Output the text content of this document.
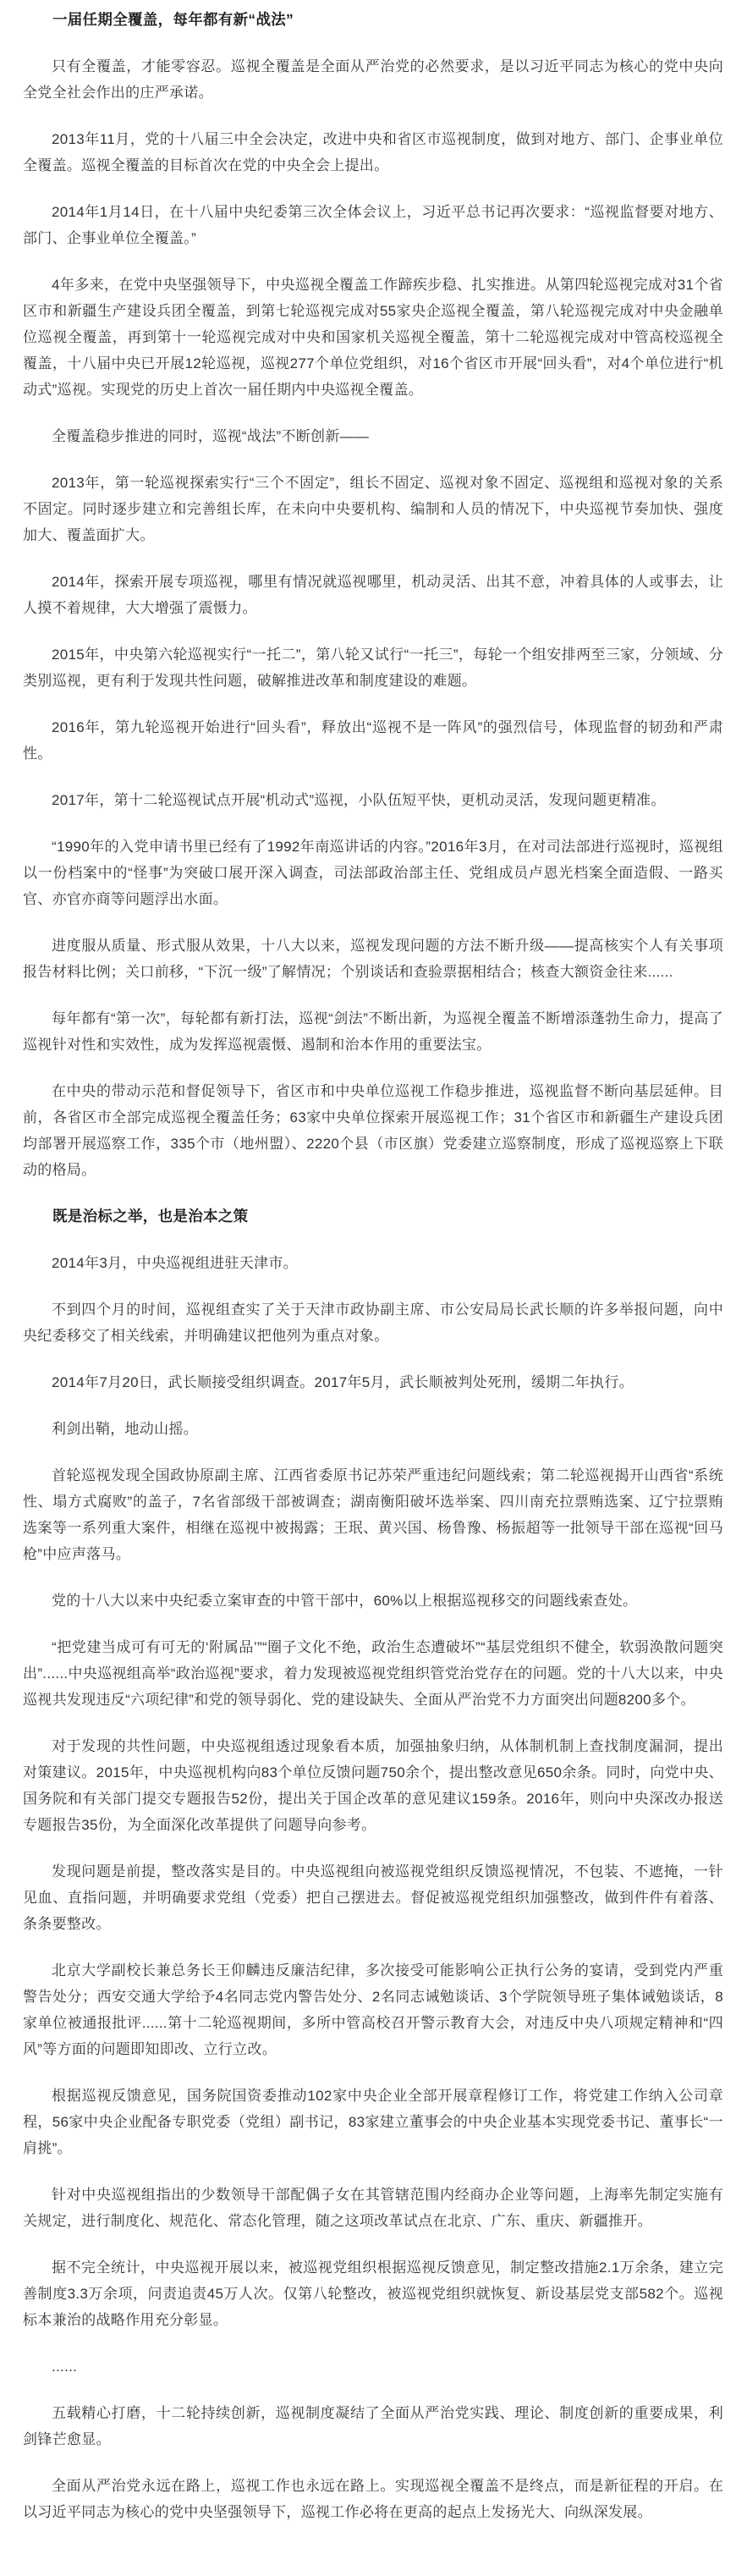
一届任期全覆盖，每年都有新“战法”

只有全覆盖，才能零容忍。巡视全覆盖是全面从严治党的必然要求，是以习近平同志为核心的党中央向全党全社会作出的庄严承诺。

2013年11月，党的十八届三中全会决定，改进中央和省区市巡视制度，做到对地方、部门、企事业单位全覆盖。巡视全覆盖的目标首次在党的中央全会上提出。

2014年1月14日，在十八届中央纪委第三次全体会议上，习近平总书记再次要求：“巡视监督要对地方、部门、企事业单位全覆盖。”

4年多来，在党中央坚强领导下，中央巡视全覆盖工作蹄疾步稳、扎实推进。从第四轮巡视完成对31个省区市和新疆生产建设兵团全覆盖，到第七轮巡视完成对55家央企巡视全覆盖，第八轮巡视完成对中央金融单位巡视全覆盖，再到第十一轮巡视完成对中央和国家机关巡视全覆盖，第十二轮巡视完成对中管高校巡视全覆盖，十八届中央已开展12轮巡视，巡视277个单位党组织，对16个省区市开展“回头看”，对4个单位进行“机动式”巡视。实现党的历史上首次一届任期内中央巡视全覆盖。

全覆盖稳步推进的同时，巡视“战法”不断创新——

2013年，第一轮巡视探索实行“三个不固定”，组长不固定、巡视对象不固定、巡视组和巡视对象的关系不固定。同时逐步建立和完善组长库，在未向中央要机构、编制和人员的情况下，中央巡视节奏加快、强度加大、覆盖面扩大。

2014年，探索开展专项巡视，哪里有情况就巡视哪里，机动灵活、出其不意，冲着具体的人或事去，让人摸不着规律，大大增强了震慑力。

2015年，中央第六轮巡视实行“一托二”，第八轮又试行“一托三”，每轮一个组安排两至三家，分领域、分类别巡视，更有利于发现共性问题，破解推进改革和制度建设的难题。

2016年，第九轮巡视开始进行“回头看”，释放出“巡视不是一阵风”的强烈信号，体现监督的韧劲和严肃性。

2017年，第十二轮巡视试点开展“机动式”巡视，小队伍短平快，更机动灵活，发现问题更精准。

“1990年的入党申请书里已经有了1992年南巡讲话的内容。”2016年3月，在对司法部进行巡视时，巡视组以一份档案中的“怪事”为突破口展开深入调查，司法部政治部主任、党组成员卢恩光档案全面造假、一路买官、亦官亦商等问题浮出水面。

进度服从质量、形式服从效果，十八大以来，巡视发现问题的方法不断升级——提高核实个人有关事项报告材料比例；关口前移，“下沉一级”了解情况；个别谈话和查验票据相结合；核查大额资金往来......

每年都有“第一次”，每轮都有新打法，巡视“剑法”不断出新，为巡视全覆盖不断增添蓬勃生命力，提高了巡视针对性和实效性，成为发挥巡视震慑、遏制和治本作用的重要法宝。

在中央的带动示范和督促领导下，省区市和中央单位巡视工作稳步推进，巡视监督不断向基层延伸。目前，各省区市全部完成巡视全覆盖任务；63家中央单位探索开展巡视工作；31个省区市和新疆生产建设兵团均部署开展巡察工作，335个市（地州盟）、2220个县（市区旗）党委建立巡察制度，形成了巡视巡察上下联动的格局。

既是治标之举，也是治本之策

2014年3月，中央巡视组进驻天津市。

不到四个月的时间，巡视组查实了关于天津市政协副主席、市公安局局长武长顺的许多举报问题，向中央纪委移交了相关线索，并明确建议把他列为重点对象。

2014年7月20日，武长顺接受组织调查。2017年5月，武长顺被判处死刑，缓期二年执行。

利剑出鞘，地动山摇。

首轮巡视发现全国政协原副主席、江西省委原书记苏荣严重违纪问题线索；第二轮巡视揭开山西省“系统性、塌方式腐败”的盖子，7名省部级干部被调查；湖南衡阳破坏选举案、四川南充拉票贿选案、辽宁拉票贿选案等一系列重大案件，相继在巡视中被揭露；王珉、黄兴国、杨鲁豫、杨振超等一批领导干部在巡视“回马枪”中应声落马。

党的十八大以来中央纪委立案审查的中管干部中，60%以上根据巡视移交的问题线索查处。

“把党建当成可有可无的‘附属品’”“圈子文化不绝，政治生态遭破坏”“基层党组织不健全，软弱涣散问题突出”......中央巡视组高举“政治巡视”要求，着力发现被巡视党组织管党治党存在的问题。党的十八大以来，中央巡视共发现违反“六项纪律”和党的领导弱化、党的建设缺失、全面从严治党不力方面突出问题8200多个。

对于发现的共性问题，中央巡视组透过现象看本质，加强抽象归纳，从体制机制上查找制度漏洞，提出对策建议。2015年，中央巡视机构向83个单位反馈问题750余个，提出整改意见650余条。同时，向党中央、国务院和有关部门提交专题报告52份，提出关于国企改革的意见建议159条。2016年，则向中央深改办报送专题报告35份，为全面深化改革提供了问题导向参考。

发现问题是前提，整改落实是目的。中央巡视组向被巡视党组织反馈巡视情况，不包装、不遮掩，一针见血、直指问题，并明确要求党组（党委）把自己摆进去。督促被巡视党组织加强整改，做到件件有着落、条条要整改。

北京大学副校长兼总务长王仰麟违反廉洁纪律，多次接受可能影响公正执行公务的宴请，受到党内严重警告处分；西安交通大学给予4名同志党内警告处分、2名同志诫勉谈话、3个学院领导班子集体诫勉谈话，8家单位被通报批评......第十二轮巡视期间，多所中管高校召开警示教育大会，对违反中央八项规定精神和“四风”等方面的问题即知即改、立行立改。

根据巡视反馈意见，国务院国资委推动102家中央企业全部开展章程修订工作，将党建工作纳入公司章程，56家中央企业配备专职党委（党组）副书记，83家建立董事会的中央企业基本实现党委书记、董事长“一肩挑”。

针对中央巡视组指出的少数领导干部配偶子女在其管辖范围内经商办企业等问题，上海率先制定实施有关规定，进行制度化、规范化、常态化管理，随之这项改革试点在北京、广东、重庆、新疆推开。

据不完全统计，中央巡视开展以来，被巡视党组织根据巡视反馈意见，制定整改措施2.1万余条，建立完善制度3.3万余项，问责追责45万人次。仅第八轮整改，被巡视党组织就恢复、新设基层党支部582个。巡视标本兼治的战略作用充分彰显。

......

五载精心打磨，十二轮持续创新，巡视制度凝结了全面从严治党实践、理论、制度创新的重要成果，利剑锋芒愈显。

全面从严治党永远在路上，巡视工作也永远在路上。实现巡视全覆盖不是终点，而是新征程的开启。在以习近平同志为核心的党中央坚强领导下，巡视工作必将在更高的起点上发扬光大、向纵深发展。
